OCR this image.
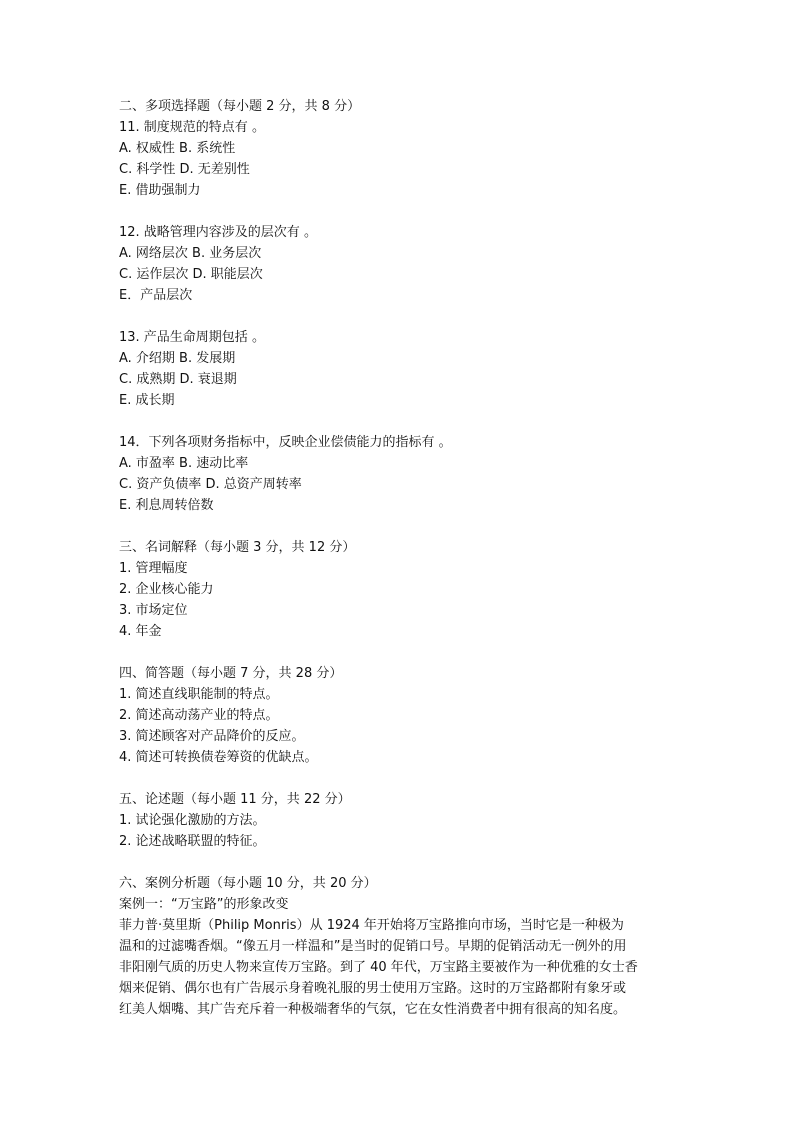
二、多项选择题（每小题 2 分，共 8 分）
11. 制度规范的特点有 。
A. 权威性 B. 系统性
C. 科学性 D. 无差别性
E. 借助强制力
12. 战略管理内容涉及的层次有 。
A. 网络层次 B. 业务层次
C. 运作层次 D. 职能层次
E．产品层次
13. 产品生命周期包括 。
A. 介绍期 B. 发展期
C. 成熟期 D. 衰退期
E. 成长期
14．下列各项财务指标中，反映企业偿债能力的指标有 。
A. 市盈率 B. 速动比率
C. 资产负债率 D. 总资产周转率
E. 利息周转倍数
三、名词解释（每小题 3 分，共 12 分）
1. 管理幅度
2. 企业核心能力
3. 市场定位
4. 年金
四、简答题（每小题 7 分，共 28 分）
1. 简述直线职能制的特点。
2. 简述高动荡产业的特点。
3. 简述顾客对产品降价的反应。
4. 简述可转换债卷筹资的优缺点。
五、论述题（每小题 11 分，共 22 分）
1. 试论强化激励的方法。
2. 论述战略联盟的特征。
六、案例分析题（每小题 10 分，共 20 分）
案例一：“万宝路”的形象改变
菲力普·莫里斯（Philip Monris）从 1924 年开始将万宝路推向市场，当时它是一种极为
温和的过滤嘴香烟。“像五月一样温和”是当时的促销口号。早期的促销活动无一例外的用
非阳刚气质的历史人物来宣传万宝路。到了 40 年代，万宝路主要被作为一种优雅的女士香
烟来促销、偶尔也有广告展示身着晚礼服的男士使用万宝路。这时的万宝路都附有象牙或
红美人烟嘴、其广告充斥着一种极端奢华的气氛，它在女性消费者中拥有很高的知名度。
